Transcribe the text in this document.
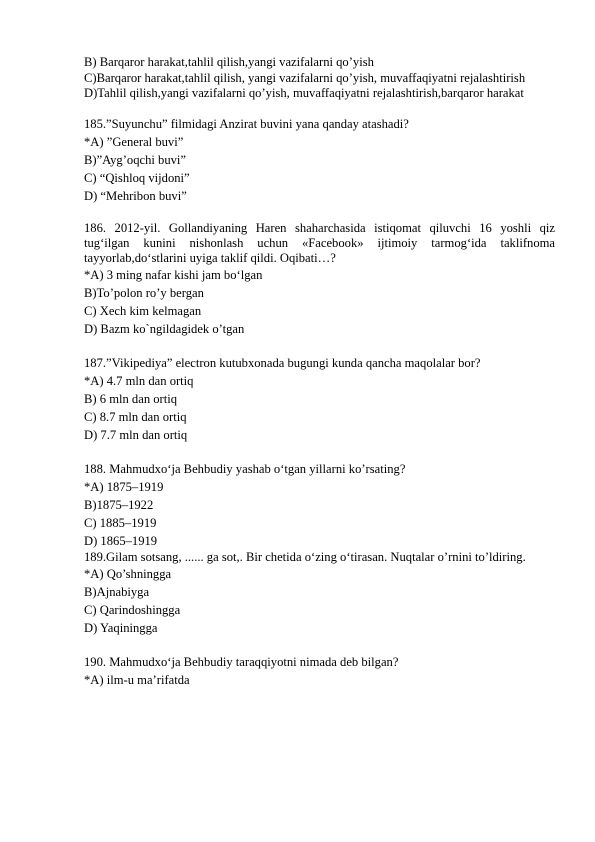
B) Barqaror harakat,tahlil qilish,yangi vazifalarni qo’yish
C)Barqaror harakat,tahlil qilish, yangi vazifalarni qo’yish, muvaffaqiyatni rejalashtirish
D)Tahlil qilish,yangi vazifalarni qo’yish, muvaffaqiyatni rejalashtirish,barqaror harakat
185.”Suyunchu” filmidagi Anzirat buvini yana qanday atashadi?
*A) ”General buvi”
B)”Ayg’oqchi buvi”
C) “Qishloq vijdoni”
D) “Mehribon buvi”
186. 2012-yil. Gollandiyaning Haren shaharchasida istiqomat qiluvchi 16 yoshli qiz tug‘ilgan kunini nishonlash uchun «Facebook» ijtimoiy tarmog‘ida taklifnoma tayyorlab,do‘stlarini uyiga taklif qildi. Oqibati…?
*A) 3 ming nafar kishi jam bo‘lgan
B)To’polon ro’y bergan
C) Xech kim kelmagan
D) Bazm ko`ngildagidek o’tgan
187.”Vikipediya” electron kutubxonada bugungi kunda qancha maqolalar bor?
*A) 4.7 mln dan ortiq
B) 6 mln dan ortiq
C) 8.7 mln dan ortiq
D) 7.7 mln dan ortiq
188. Mahmudxo‘ja Behbudiy yashab o‘tgan yillarni ko’rsating?
*A) 1875–1919
B)1875–1922
C) 1885–1919
D) 1865–1919
189.Gilam sotsang, ...... ga sot,. Bir chetida o‘zing o‘tirasan. Nuqtalar o’rnini to’ldiring.
*A) Qo’shningga
B)Ajnabiyga
C) Qarindoshingga
D) Yaqiningga
190. Mahmudxo‘ja Behbudiy taraqqiyotni nimada deb bilgan?
*A) ilm-u ma’rifatda
